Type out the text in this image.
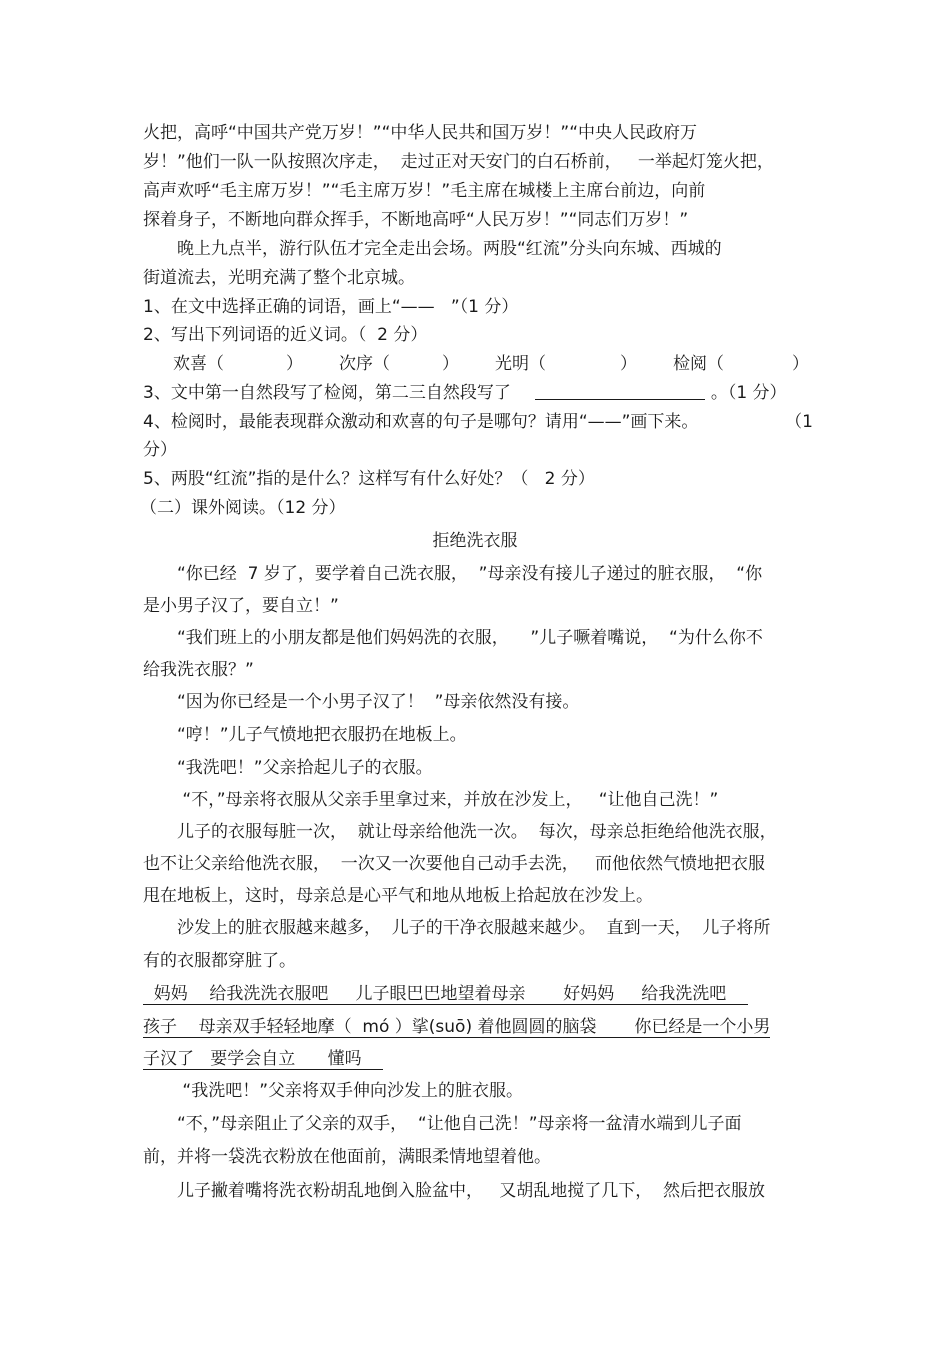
火把，高呼“中国共产党万岁！”“中华人民共和国万岁！”“中央人民政府万
岁！”他们一队一队按照次序走，  走过正对天安门的白石桥前，   一举起灯笼火把，
高声欢呼“毛主席万岁！”“毛主席万岁！”毛主席在城楼上主席台前边，向前
探着身子，不断地向群众挥手，不断地高呼“人民万岁！”“同志们万岁！”
晚上九点半，游行队伍才完全走出会场。两股“红流”分头向东城、西城的
街道流去，光明充满了整个北京城。
1、在文中选择正确的词语，画上“——   ”（1 分）
2、写出下列词语的近义词。（  2 分）
欢喜（	） 次序（	） 光明（	） 检阅（	）
3、文中第一自然段写了检阅，第二三自然段写了	。（1 分）
4、检阅时，最能表现群众激动和欢喜的句子是哪句？请用“——”画下来。	（1
分）
5、两股“红流”指的是什么？这样写有什么好处？（   2 分）
（二）课外阅读。（12 分）
拒绝洗衣服
“你已经  7 岁了，要学着自己洗衣服，  ”母亲没有接儿子递过的脏衣服，  “你
是小男子汉了，要自立！”
“我们班上的小朋友都是他们妈妈洗的衣服，    ”儿子噘着嘴说，  “为什么你不
给我洗衣服？”
“因为你已经是一个小男子汉了！  ”母亲依然没有接。
“哼！”儿子气愤地把衣服扔在地板上。
“我洗吧！”父亲拾起儿子的衣服。
“不，”母亲将衣服从父亲手里拿过来，并放在沙发上，   “让他自己洗！”
儿子的衣服每脏一次，  就让母亲给他洗一次。  每次，母亲总拒绝给他洗衣服，
也不让父亲给他洗衣服，  一次又一次要他自己动手去洗，   而他依然气愤地把衣服
甩在地板上，这时，母亲总是心平气和地从地板上拾起放在沙发上。
沙发上的脏衣服越来越多，  儿子的干净衣服越来越少。  直到一天，  儿子将所
有的衣服都穿脏了。
妈妈    给我洗洗衣服吧     儿子眼巴巴地望着母亲       好妈妈     给我洗洗吧
孩子    母亲双手轻轻地摩（  mó ）挲(suō) 着他圆圆的脑袋       你已经是一个小男
子汉了   要学会自立      懂吗
“我洗吧！”父亲将双手伸向沙发上的脏衣服。
“不，”母亲阻止了父亲的双手，  “让他自己洗！”母亲将一盆清水端到儿子面
前，并将一袋洗衣粉放在他面前，满眼柔情地望着他。
儿子撇着嘴将洗衣粉胡乱地倒入脸盆中，   又胡乱地搅了几下，  然后把衣服放
